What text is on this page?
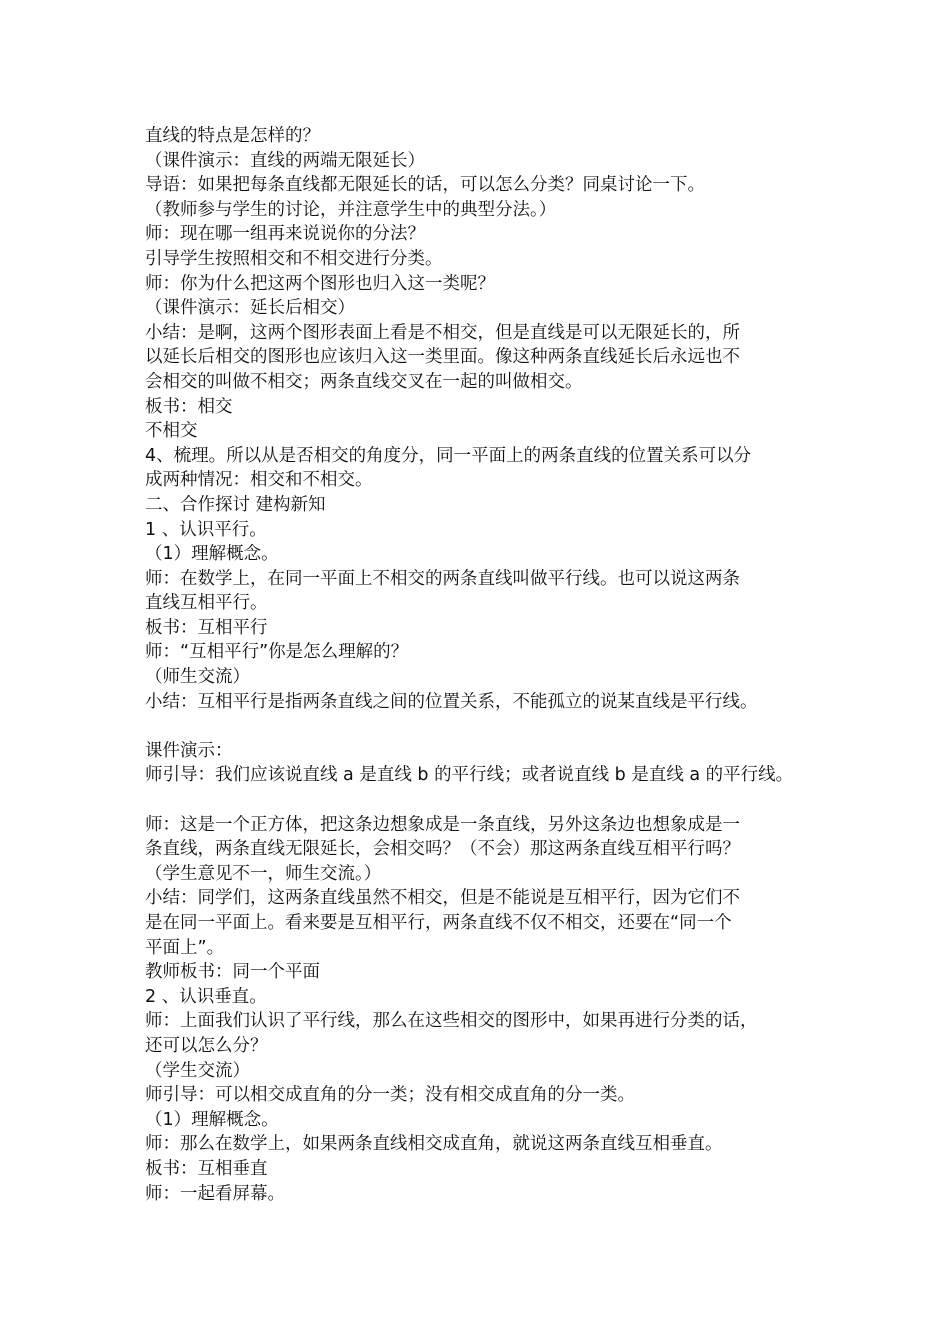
直线的特点是怎样的？
（课件演示：直线的两端无限延长）
导语：如果把每条直线都无限延长的话，可以怎么分类？同桌讨论一下。
（教师参与学生的讨论，并注意学生中的典型分法。）
师：现在哪一组再来说说你的分法？
引导学生按照相交和不相交进行分类。
师：你为什么把这两个图形也归入这一类呢？
（课件演示：延长后相交）
小结：是啊，这两个图形表面上看是不相交，但是直线是可以无限延长的，所
以延长后相交的图形也应该归入这一类里面。像这种两条直线延长后永远也不
会相交的叫做不相交；两条直线交叉在一起的叫做相交。
板书：相交
不相交
4、梳理。所以从是否相交的角度分，同一平面上的两条直线的位置关系可以分
成两种情况：相交和不相交。
二、合作探讨 建构新知
1 、认识平行。
（1）理解概念。
师：在数学上，在同一平面上不相交的两条直线叫做平行线。也可以说这两条
直线互相平行。
板书：互相平行
师：“互相平行”你是怎么理解的？
（师生交流）
小结：互相平行是指两条直线之间的位置关系，不能孤立的说某直线是平行线。
课件演示：
师引导：我们应该说直线 a 是直线 b 的平行线；或者说直线 b 是直线 a 的平行线。
师：这是一个正方体，把这条边想象成是一条直线，另外这条边也想象成是一
条直线，两条直线无限延长，会相交吗？（不会）那这两条直线互相平行吗？
（学生意见不一，师生交流。）
小结：同学们，这两条直线虽然不相交，但是不能说是互相平行，因为它们不
是在同一平面上。看来要是互相平行，两条直线不仅不相交，还要在“同一个
平面上”。
教师板书：同一个平面
2 、认识垂直。
师：上面我们认识了平行线，那么在这些相交的图形中，如果再进行分类的话，
还可以怎么分？
（学生交流）
师引导：可以相交成直角的分一类；没有相交成直角的分一类。
（1）理解概念。
师：那么在数学上，如果两条直线相交成直角，就说这两条直线互相垂直。
板书：互相垂直
师：一起看屏幕。
